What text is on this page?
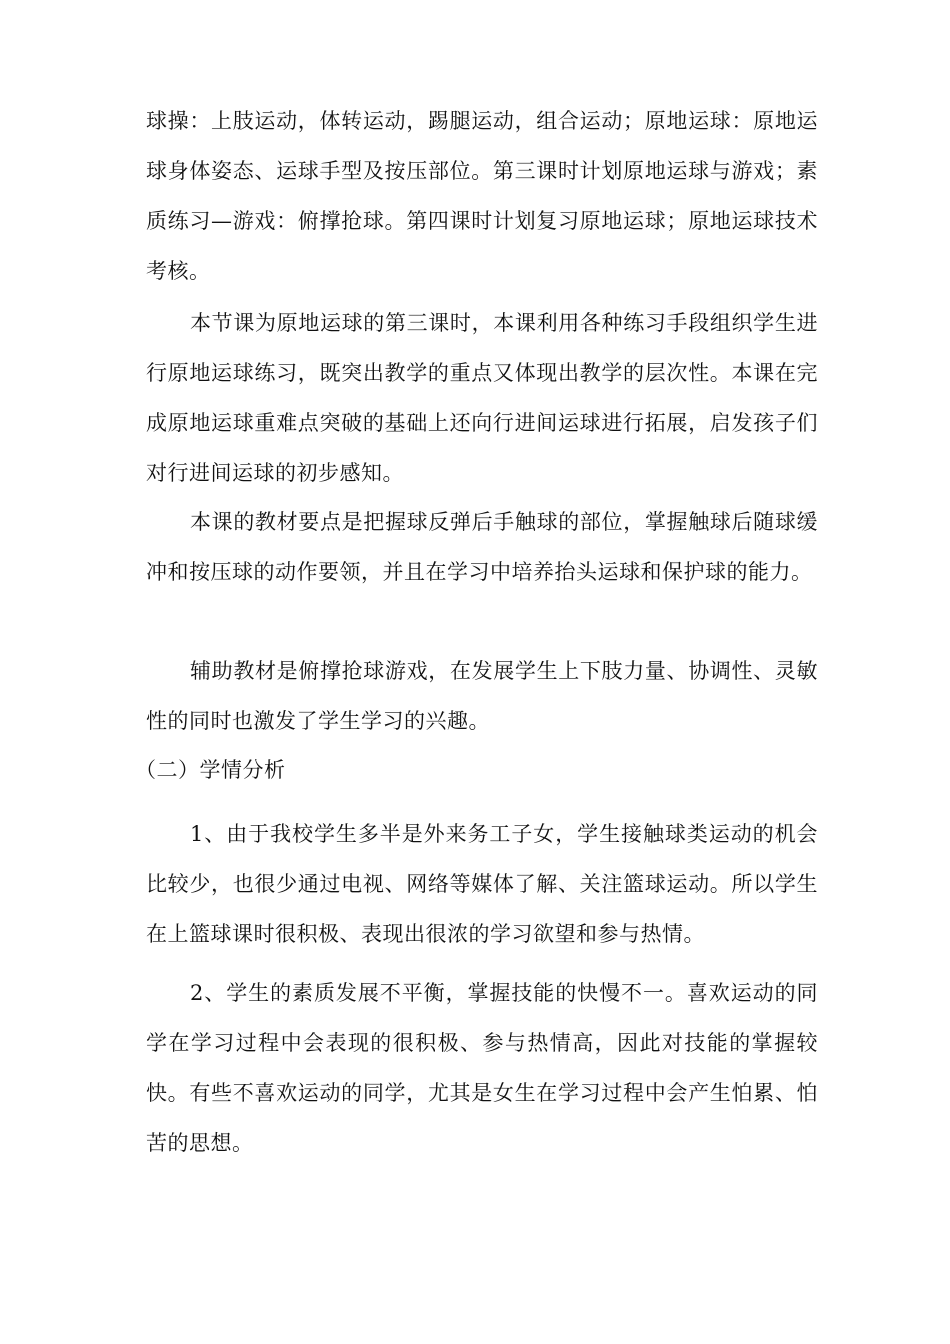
球操：上肢运动，体转运动，踢腿运动，组合运动；原地运球：原地运球身体姿态、运球手型及按压部位。第三课时计划原地运球与游戏；素质练习—游戏：俯撑抢球。第四课时计划复习原地运球；原地运球技术考核。

本节课为原地运球的第三课时，本课利用各种练习手段组织学生进行原地运球练习，既突出教学的重点又体现出教学的层次性。本课在完成原地运球重难点突破的基础上还向行进间运球进行拓展，启发孩子们对行进间运球的初步感知。

本课的教材要点是把握球反弹后手触球的部位，掌握触球后随球缓冲和按压球的动作要领，并且在学习中培养抬头运球和保护球的能力。

辅助教材是俯撑抢球游戏，在发展学生上下肢力量、协调性、灵敏性的同时也激发了学生学习的兴趣。

（二）学情分析

1、由于我校学生多半是外来务工子女，学生接触球类运动的机会比较少，也很少通过电视、网络等媒体了解、关注篮球运动。所以学生在上篮球课时很积极、表现出很浓的学习欲望和参与热情。

2、学生的素质发展不平衡，掌握技能的快慢不一。喜欢运动的同学在学习过程中会表现的很积极、参与热情高，因此对技能的掌握较快。有些不喜欢运动的同学，尤其是女生在学习过程中会产生怕累、怕苦的思想。
